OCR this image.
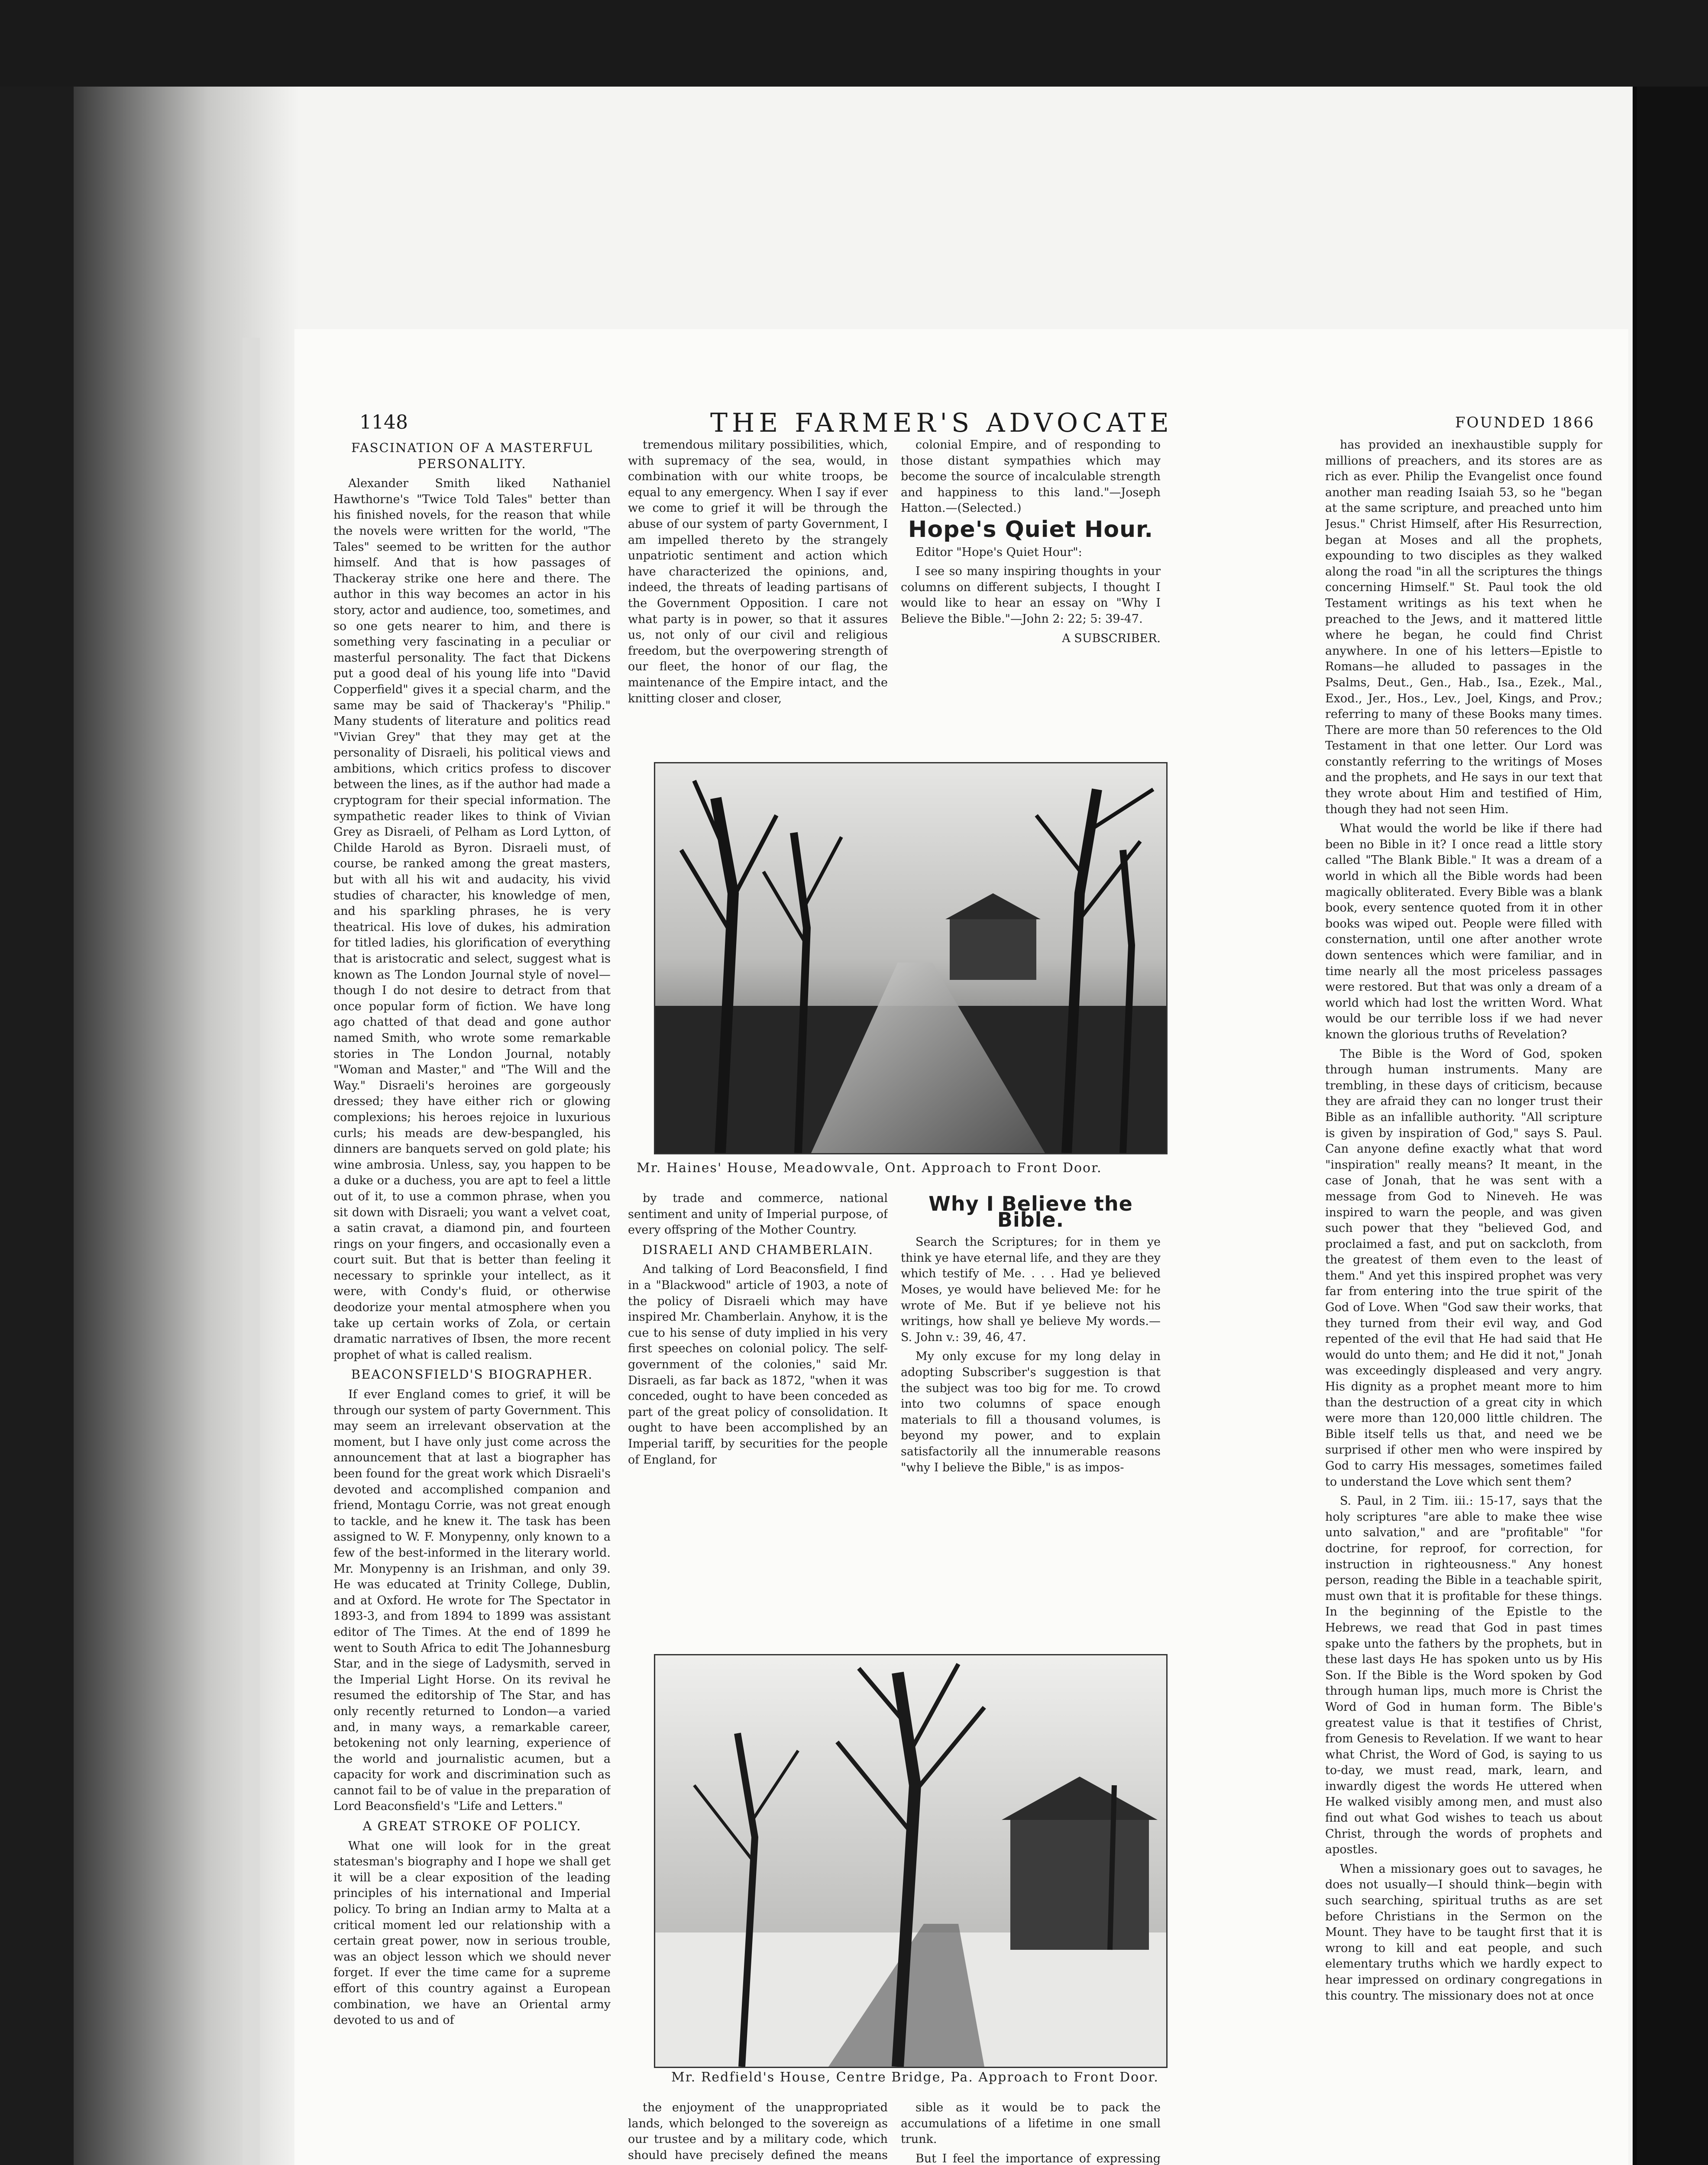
1148	THE FARMER'S ADVOCATE	FOUNDED 1866
FASCINATION OF A MASTERFUL PERSONALITY.

Alexander Smith liked Nathaniel Hawthorne's "Twice Told Tales" better than his finished novels, for the reason that while the novels were written for the world, "The Tales" seemed to be written for the author himself. And that is how passages of Thackeray strike one here and there. The author in this way becomes an actor in his story, actor and audience, too, sometimes, and so one gets nearer to him, and there is something very fascinating in a peculiar or masterful personality. The fact that Dickens put a good deal of his young life into "David Copperfield" gives it a special charm, and the same may be said of Thackeray's "Philip." Many students of literature and politics read "Vivian Grey" that they may get at the personality of Disraeli, his political views and ambitions, which critics profess to discover between the lines, as if the author had made a cryptogram for their special information. The sympathetic reader likes to think of Vivian Grey as Disraeli, of Pelham as Lord Lytton, of Childe Harold as Byron. Disraeli must, of course, be ranked among the great masters, but with all his wit and audacity, his vivid studies of character, his knowledge of men, and his sparkling phrases, he is very theatrical. His love of dukes, his admiration for titled ladies, his glorification of everything that is aristocratic and select, suggest what is known as The London Journal style of novel—though I do not desire to detract from that once popular form of fiction. We have long ago chatted of that dead and gone author named Smith, who wrote some remarkable stories in The London Journal, notably "Woman and Master," and "The Will and the Way." Disraeli's heroines are gorgeously dressed; they have either rich or glowing complexions; his heroes rejoice in luxurious curls; his meads are dew-bespangled, his dinners are banquets served on gold plate; his wine ambrosia. Unless, say, you happen to be a duke or a duchess, you are apt to feel a little out of it, to use a common phrase, when you sit down with Disraeli; you want a velvet coat, a satin cravat, a diamond pin, and fourteen rings on your fingers, and occasionally even a court suit. But that is better than feeling it necessary to sprinkle your intellect, as it were, with Condy's fluid, or otherwise deodorize your mental atmosphere when you take up certain works of Zola, or certain dramatic narratives of Ibsen, the more recent prophet of what is called realism.

BEACONSFIELD'S BIOGRAPHER.

If ever England comes to grief, it will be through our system of party Government. This may seem an irrelevant observation at the moment, but I have only just come across the announcement that at last a biographer has been found for the great work which Disraeli's devoted and accomplished companion and friend, Montagu Corrie, was not great enough to tackle, and he knew it. The task has been assigned to W. F. Monypenny, only known to a few of the best-informed in the literary world. Mr. Monypenny is an Irishman, and only 39. He was educated at Trinity College, Dublin, and at Oxford. He wrote for The Spectator in 1893-3, and from 1894 to 1899 was assistant editor of The Times. At the end of 1899 he went to South Africa to edit The Johannesburg Star, and in the siege of Ladysmith, served in the Imperial Light Horse. On its revival he resumed the editorship of The Star, and has only recently returned to London—a varied and, in many ways, a remarkable career, betokening not only learning, experience of the world and journalistic acumen, but a capacity for work and discrimination such as cannot fail to be of value in the preparation of Lord Beaconsfield's "Life and Letters."

A GREAT STROKE OF POLICY.

What one will look for in the great statesman's biography and I hope we shall get it will be a clear exposition of the leading principles of his international and Imperial policy. To bring an Indian army to Malta at a critical moment led our relationship with a certain great power, now in serious trouble, was an object lesson which we should never forget. If ever the time came for a supreme effort of this country against a European combination, we have an Oriental army devoted to us and of

tremendous military possibilities, which, with supremacy of the sea, would, in combination with our white troops, be equal to any emergency. When I say if ever we come to grief it will be through the abuse of our system of party Government, I am impelled thereto by the strangely unpatriotic sentiment and action which have characterized the opinions, and, indeed, the threats of leading partisans of the Government Opposition. I care not what party is in power, so that it assures us, not only of our civil and religious freedom, but the overpowering strength of our fleet, the honor of our flag, the maintenance of the Empire intact, and the knitting closer and closer,

colonial Empire, and of responding to those distant sympathies which may become the source of incalculable strength and happiness to this land."—Joseph Hatton.—(Selected.)

Hope's Quiet Hour.

Editor "Hope's Quiet Hour":

I see so many inspiring thoughts in your columns on different subjects, I thought I would like to hear an essay on "Why I Believe the Bible."—John 2: 22; 5: 39-47.

A SUBSCRIBER.
Mr. Haines' House, Meadowvale, Ont. Approach to Front Door.

by trade and commerce, national sentiment and unity of Imperial purpose, of every offspring of the Mother Country.

DISRAELI AND CHAMBERLAIN.

And talking of Lord Beaconsfield, I find in a "Blackwood" article of 1903, a note of the policy of Disraeli which may have inspired Mr. Chamberlain. Anyhow, it is the cue to his sense of duty implied in his very first speeches on colonial policy. The self-government of the colonies," said Mr. Disraeli, as far back as 1872, "when it was conceded, ought to have been conceded as part of the great policy of consolidation. It ought to have been accomplished by an Imperial tariff, by securities for the people of England, for

Why I Believe the Bible.

Search the Scriptures; for in them ye think ye have eternal life, and they are they which testify of Me. . . . Had ye believed Moses, ye would have believed Me: for he wrote of Me. But if ye believe not his writings, how shall ye believe My words.—S. John v.: 39, 46, 47.

My only excuse for my long delay in adopting Subscriber's suggestion is that the subject was too big for me. To crowd into two columns of space enough materials to fill a thousand volumes, is beyond my power, and to explain satisfactorily all the innumerable reasons "why I believe the Bible," is as impos-

Mr. Redfield's House, Centre Bridge, Pa. Approach to Front Door.

the enjoyment of the unappropriated lands, which belonged to the sovereign as our trustee and by a military code, which should have precisely defined the means

sible as it would be to pack the accumulations of a lifetime in one small trunk.

But I feel the importance of expressing

has provided an inexhaustible supply for millions of preachers, and its stores are as rich as ever. Philip the Evangelist once found another man reading Isaiah 53, so he "began at the same scripture, and preached unto him Jesus." Christ Himself, after His Resurrection, began at Moses and all the prophets, expounding to two disciples as they walked along the road "in all the scriptures the things concerning Himself." St. Paul took the old Testament writings as his text when he preached to the Jews, and it mattered little where he began, he could find Christ anywhere. In one of his letters—Epistle to Romans—he alluded to passages in the Psalms, Deut., Gen., Hab., Isa., Ezek., Mal., Exod., Jer., Hos., Lev., Joel, Kings, and Prov.; referring to many of these Books many times. There are more than 50 references to the Old Testament in that one letter. Our Lord was constantly referring to the writings of Moses and the prophets, and He says in our text that they wrote about Him and testified of Him, though they had not seen Him.

What would the world be like if there had been no Bible in it? I once read a little story called "The Blank Bible." It was a dream of a world in which all the Bible words had been magically obliterated. Every Bible was a blank book, every sentence quoted from it in other books was wiped out. People were filled with consternation, until one after another wrote down sentences which were familiar, and in time nearly all the most priceless passages were restored. But that was only a dream of a world which had lost the written Word. What would be our terrible loss if we had never known the glorious truths of Revelation?

The Bible is the Word of God, spoken through human instruments. Many are trembling, in these days of criticism, because they are afraid they can no longer trust their Bible as an infallible authority. "All scripture is given by inspiration of God," says S. Paul. Can anyone define exactly what that word "inspiration" really means? It meant, in the case of Jonah, that he was sent with a message from God to Nineveh. He was inspired to warn the people, and was given such power that they "believed God, and proclaimed a fast, and put on sackcloth, from the greatest of them even to the least of them." And yet this inspired prophet was very far from entering into the true spirit of the God of Love. When "God saw their works, that they turned from their evil way, and God repented of the evil that He had said that He would do unto them; and He did it not," Jonah was exceedingly displeased and very angry. His dignity as a prophet meant more to him than the destruction of a great city in which were more than 120,000 little children. The Bible itself tells us that, and need we be surprised if other men who were inspired by God to carry His messages, sometimes failed to understand the Love which sent them?

S. Paul, in 2 Tim. iii.: 15-17, says that the holy scriptures "are able to make thee wise unto salvation," and are "profitable" "for doctrine, for reproof, for correction, for instruction in righteousness." Any honest person, reading the Bible in a teachable spirit, must own that it is profitable for these things. In the beginning of the Epistle to the Hebrews, we read that God in past times spake unto the fathers by the prophets, but in these last days He has spoken unto us by His Son. If the Bible is the Word spoken by God through human lips, much more is Christ the Word of God in human form. The Bible's greatest value is that it testifies of Christ, from Genesis to Revelation. If we want to hear what Christ, the Word of God, is saying to us to-day, we must read, mark, learn, and inwardly digest the words He uttered when He walked visibly among men, and must also find out what God wishes to teach us about Christ, through the words of prophets and apostles.

When a missionary goes out to savages, he does not usually—I should think—begin with such searching, spiritual truths as are set before Christians in the Sermon on the Mount. They have to be taught first that it is wrong to kill and eat people, and such elementary truths which we hardly expect to hear impressed on ordinary congregations in this country. The missionary does not at once
